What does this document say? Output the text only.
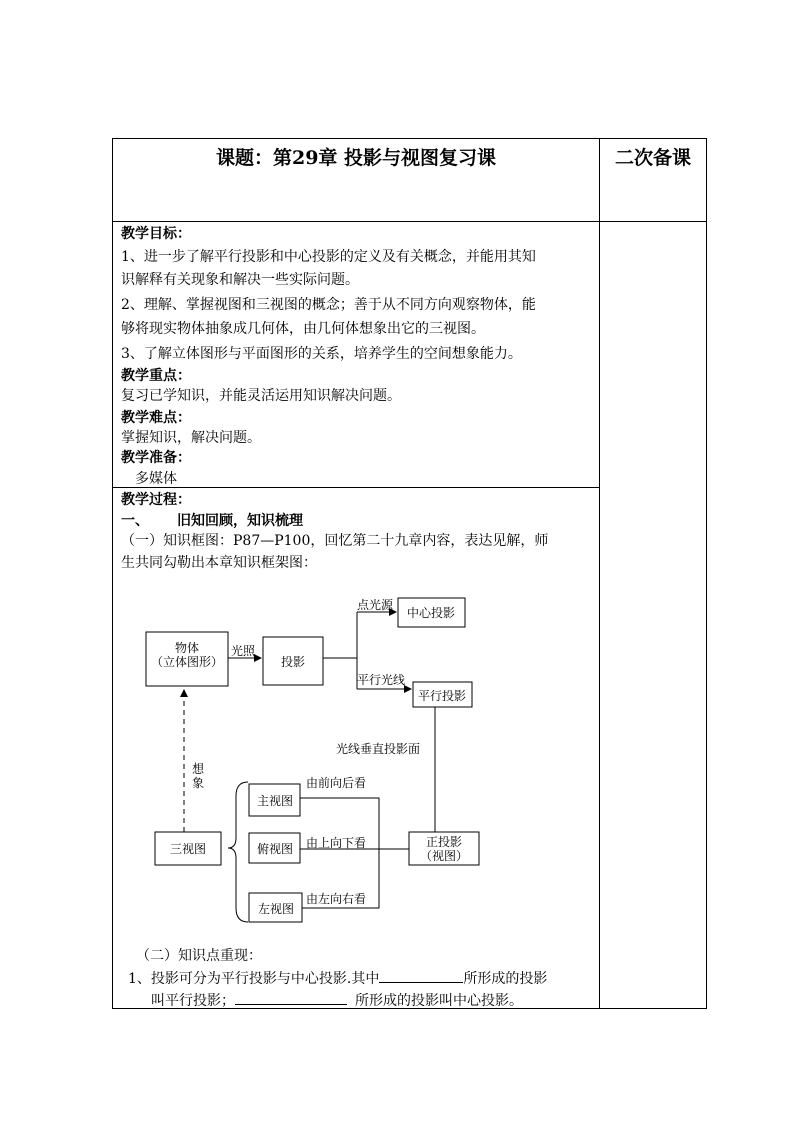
课题：第29章 投影与视图复习课	二次备课
教学目标：
1、进一步了解平行投影和中心投影的定义及有关概念，并能用其知
识解释有关现象和解决一些实际问题。
2、理解、掌握视图和三视图的概念；善于从不同方向观察物体，能
够将现实物体抽象成几何体，由几何体想象出它的三视图。
3、了解立体图形与平面图形的关系，培养学生的空间想象能力。
教学重点：
复习已学知识，并能灵活运用知识解决问题。
教学难点：
掌握知识，解决问题。
教学准备：
多媒体
教学过程：
一、 旧知回顾，知识梳理
（一）知识框图：P87—P100，回忆第二十九章内容，表达见解，师
生共同勾勒出本章知识框架图：
物体
（立体图形）
光照
投影
点光源
中心投影
平行光线
平行投影
光线垂直投影面
想
象
三视图
主视图
由前向后看
俯视图 由上向下看
左视图
由左向右看
正投影
（视图）
（二）知识点重现：
1、投影可分为平行投影与中心投影.其中	所形成的投影
叫平行投影；	所形成的投影叫中心投影。
